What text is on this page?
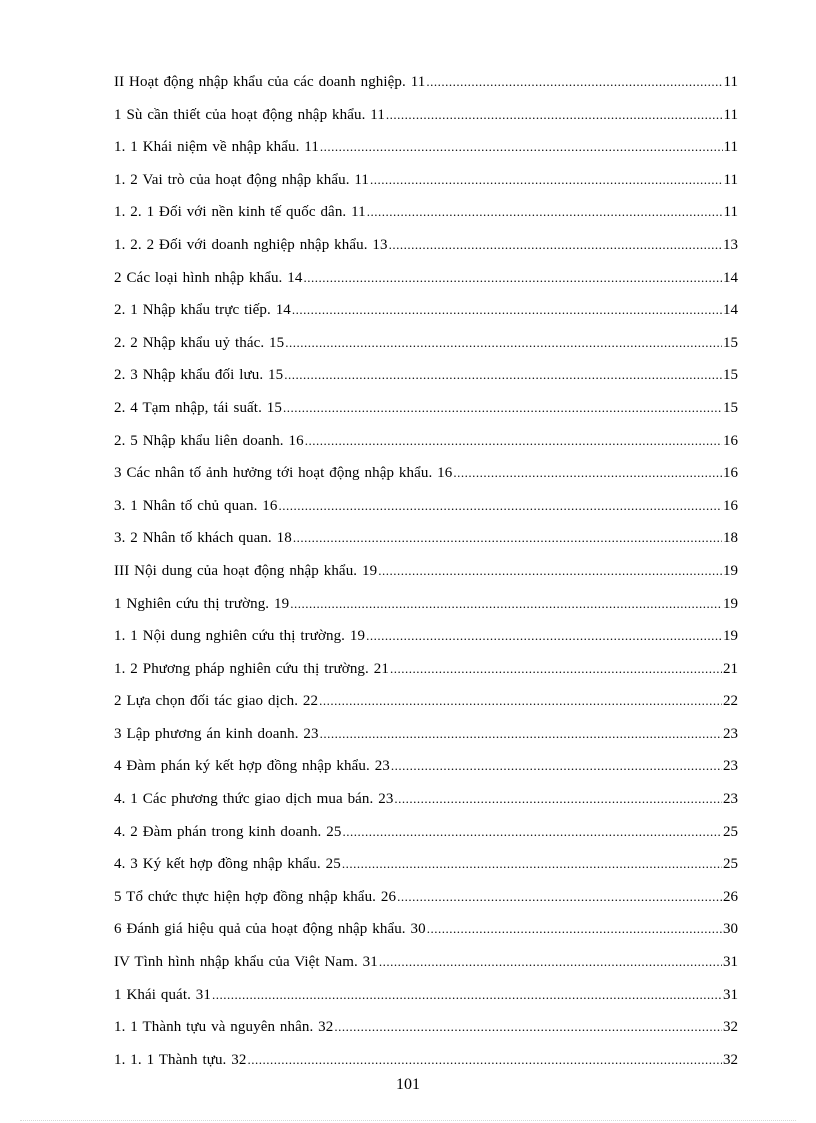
II Hoạt động nhập khẩu của các doanh nghiệp. 11 .....	11
1 Sù cần thiết của hoạt động nhập khẩu. 11 .....	11
1. 1 Khái niệm về nhập khẩu. 11 .....	11
1. 2 Vai trò của hoạt động nhập khẩu. 11 .....	11
1. 2. 1 Đối với nền kinh tế quốc dân. 11 .....	11
1. 2. 2 Đối với doanh nghiệp nhập khẩu. 13 .....	13
2 Các loại hình nhập khẩu. 14 .....	14
2. 1 Nhập khẩu trực tiếp. 14 .....	14
2. 2 Nhập khẩu uỷ thác. 15 .....	15
2. 3 Nhập khẩu đối lưu. 15 .....	15
2. 4 Tạm nhập, tái suất. 15 .....	15
2. 5 Nhập khẩu liên doanh. 16 .....	16
3 Các nhân tố ảnh hưởng tới hoạt động nhập khẩu. 16 .....	16
3. 1 Nhân tố chủ quan. 16 .....	16
3. 2 Nhân tố khách quan. 18 .....	18
III Nội dung của hoạt động nhập khẩu. 19 .....	19
1 Nghiên cứu thị trường. 19 .....	19
1. 1 Nội dung nghiên cứu thị trường. 19 .....	19
1. 2 Phương pháp nghiên cứu thị trường. 21 .....	21
2 Lựa chọn đối tác giao dịch. 22 .....	22
3 Lập phương án kinh doanh. 23 .....	23
4 Đàm phán ký kết hợp đồng nhập khẩu. 23 .....	23
4. 1 Các phương thức giao dịch mua bán. 23 .....	23
4. 2 Đàm phán trong kinh doanh. 25 .....	25
4. 3 Ký kết hợp đồng nhập khẩu. 25 .....	25
5 Tổ chức thực hiện hợp đồng nhập khẩu. 26 .....	26
6 Đánh giá hiệu quả của hoạt động nhập khẩu. 30 .....	30
IV Tình hình nhập khẩu của Việt Nam. 31 .....	31
1 Khái quát. 31 .....	31
1. 1 Thành tựu và nguyên nhân. 32 .....	32
1. 1. 1 Thành tựu. 32 .....	32
101
